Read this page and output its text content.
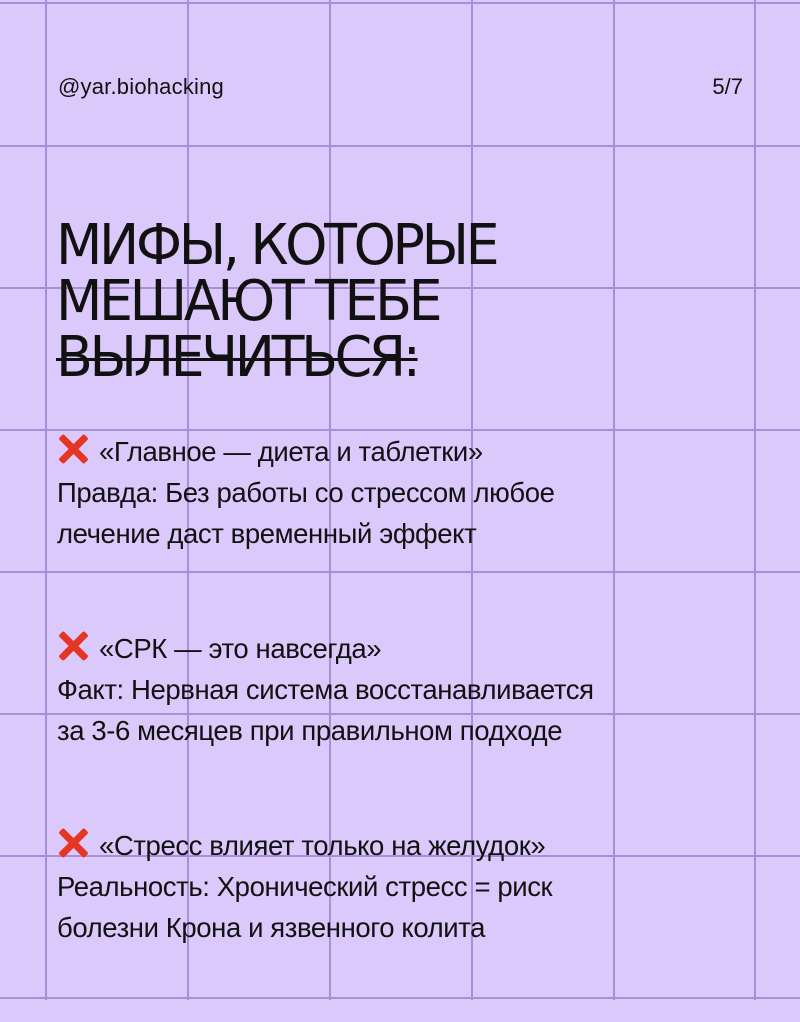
@yar.biohacking	5/7
МИФЫ, КОТОРЫЕ
МЕШАЮТ ТЕБЕ
ВЫЛЕЧИТЬСЯ:
«Главное — диета и таблетки»
Правда: Без работы со стрессом любое
лечение даст временный эффект
«СРК — это навсегда»
Факт: Нервная система восстанавливается
за 3-6 месяцев при правильном подходе
«Стресс влияет только на желудок»
Реальность: Хронический стресс = риск
болезни Крона и язвенного колита
